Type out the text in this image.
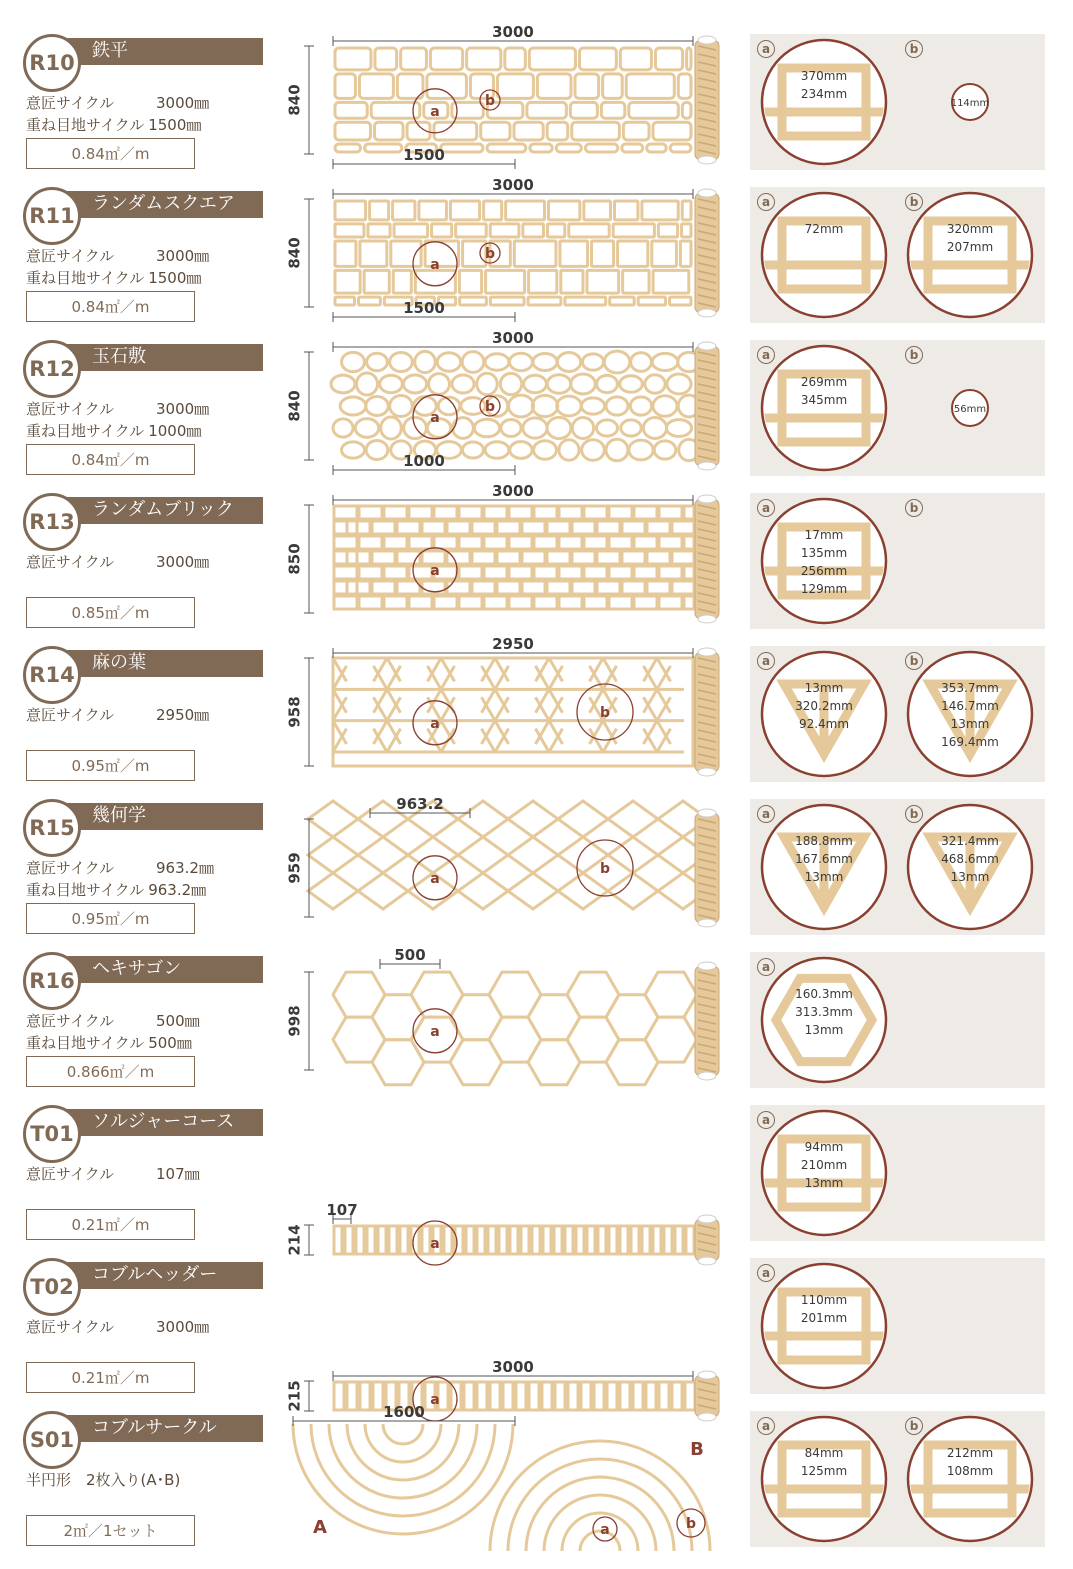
鉄平
R10
意匠サイクル	3000㎜
重ね目地サイクル 1500㎜
0.84㎡／m
3000
840
1500
a
b
370mm
234mm
114mm
a	b
ランダムスクエア
R11
意匠サイクル	3000㎜
重ね目地サイクル 1500㎜
0.84㎡／m
3000
840
1500
a
b
72mm	320mm
207mm
a	b
玉石敷
R12
意匠サイクル	3000㎜
重ね目地サイクル 1000㎜
0.84㎡／m
3000
840
1000
a
b
269mm
345mm
56mm
a	b
ランダムブリック
R13
意匠サイクル	3000㎜
0.85㎡／m
3000
850	a
17mm
135mm
256mm
129mm
a	b
麻の葉
R14
意匠サイクル	2950㎜
0.95㎡／m
2950
958	a
b
13mm
320.2mm
92.4mm
353.7mm
146.7mm
13mm
169.4mm
a	b
幾何学
R15
意匠サイクル	963.2㎜
重ね目地サイクル 963.2㎜
0.95㎡／m
963.2
959	a
b
188.8mm
167.6mm
13mm
321.4mm
468.6mm
13mm
a	b
ヘキサゴン
R16
意匠サイクル	500㎜
重ね目地サイクル 500㎜
0.866㎡／m
500
998	a
160.3mm
313.3mm
13mm
a
ソルジャーコース
T01
意匠サイクル	107㎜
0.21㎡／m
107
214	a
94mm
210mm
13mm
a
コブルヘッダー
T02
意匠サイクル	3000㎜
0.21㎡／m
3000
215	a
110mm
201mm
a
コブルサークル
S01
半円形　2枚入り(A･B)
2㎡／1セット
1600
A
B
a	b
84mm
125mm
212mm
108mm
a	b
